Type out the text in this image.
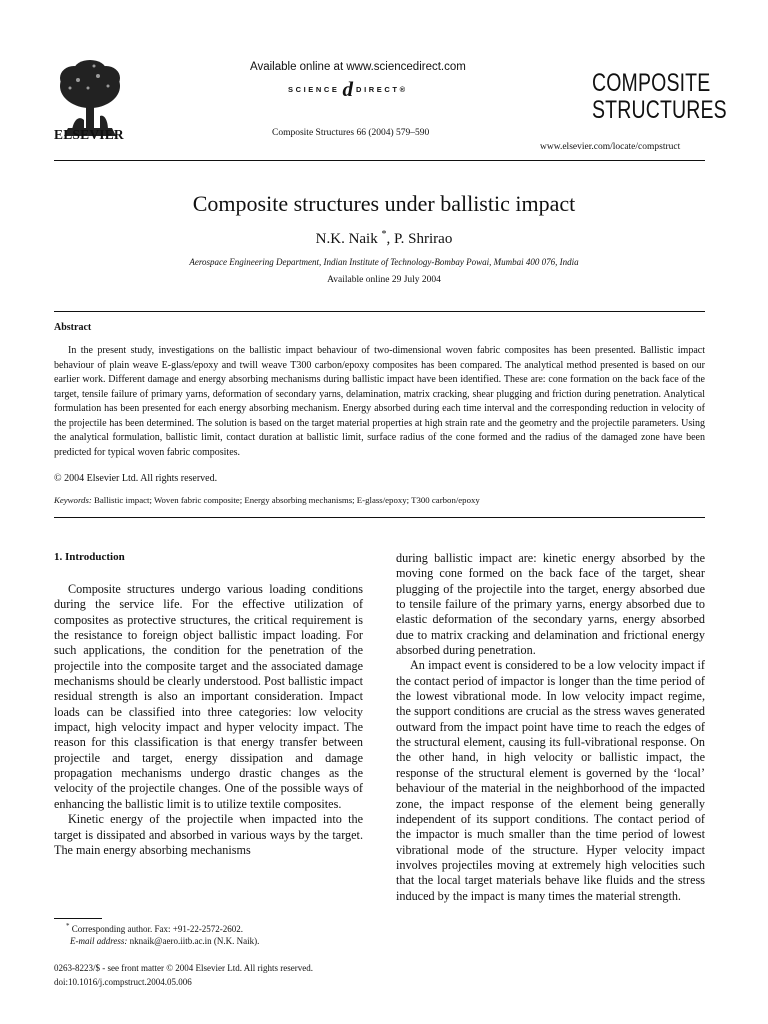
ELSEVIER
Available online at www.sciencedirect.com
SCIENCE d DIRECT®
Composite Structures 66 (2004) 579–590
COMPOSITE
STRUCTURES
www.elsevier.com/locate/compstruct
Composite structures under ballistic impact
N.K. Naik *, P. Shrirao
Aerospace Engineering Department, Indian Institute of Technology-Bombay Powai, Mumbai 400 076, India
Available online 29 July 2004
Abstract

In the present study, investigations on the ballistic impact behaviour of two-dimensional woven fabric composites has been presented. Ballistic impact behaviour of plain weave E-glass/epoxy and twill weave T300 carbon/epoxy composites has been compared. The analytical method presented is based on our earlier work. Different damage and energy absorbing mechanisms during ballistic impact have been identified. These are: cone formation on the back face of the target, tensile failure of primary yarns, deformation of secondary yarns, delamination, matrix cracking, shear plugging and friction during penetration. Analytical formulation has been presented for each energy absorbing mechanism. Energy absorbed during each time interval and the corresponding reduction in velocity of the projectile has been determined. The solution is based on the target material properties at high strain rate and the geometry and the projectile parameters. Using the analytical formulation, ballistic limit, contact duration at ballistic limit, surface radius of the cone formed and the radius of the damaged zone have been predicted for typical woven fabric composites.

© 2004 Elsevier Ltd. All rights reserved.
Keywords: Ballistic impact; Woven fabric composite; Energy absorbing mechanisms; E-glass/epoxy; T300 carbon/epoxy
1. Introduction

Composite structures undergo various loading conditions during the service life. For the effective utilization of composites as protective structures, the critical requirement is the resistance to foreign object ballistic impact loading. For such applications, the condition for the penetration of the projectile into the composite target and the associated damage mechanisms should be clearly understood. Post ballistic impact residual strength is also an important consideration. Impact loads can be classified into three categories: low velocity impact, high velocity impact and hyper velocity impact. The reason for this classification is that energy transfer between projectile and target, energy dissipation and damage propagation mechanisms undergo drastic changes as the velocity of the projectile changes. One of the possible ways of enhancing the ballistic limit is to utilize textile composites.

Kinetic energy of the projectile when impacted into the target is dissipated and absorbed in various ways by the target. The main energy absorbing mechanisms

during ballistic impact are: kinetic energy absorbed by the moving cone formed on the back face of the target, shear plugging of the projectile into the target, energy absorbed due to tensile failure of the primary yarns, energy absorbed due to elastic deformation of the secondary yarns, energy absorbed due to matrix cracking and delamination and frictional energy absorbed during penetration.

An impact event is considered to be a low velocity impact if the contact period of impactor is longer than the time period of the lowest vibrational mode. In low velocity impact regime, the support conditions are crucial as the stress waves generated outward from the impact point have time to reach the edges of the structural element, causing its full-vibrational response. On the other hand, in high velocity or ballistic impact, the response of the structural element is governed by the ‘local’ behaviour of the material in the neighborhood of the impacted zone, the impact response of the element being generally independent of its support conditions. The contact period of the impactor is much smaller than the time period of lowest vibrational mode of the structure. Hyper velocity impact involves projectiles moving at extremely high velocities such that the local target materials behave like fluids and the stress induced by the impact is many times the material strength.

* Corresponding author. Fax: +91-22-2572-2602.
E-mail address: nknaik@aero.iitb.ac.in (N.K. Naik).
0263-8223/$ - see front matter © 2004 Elsevier Ltd. All rights reserved.
doi:10.1016/j.compstruct.2004.05.006
